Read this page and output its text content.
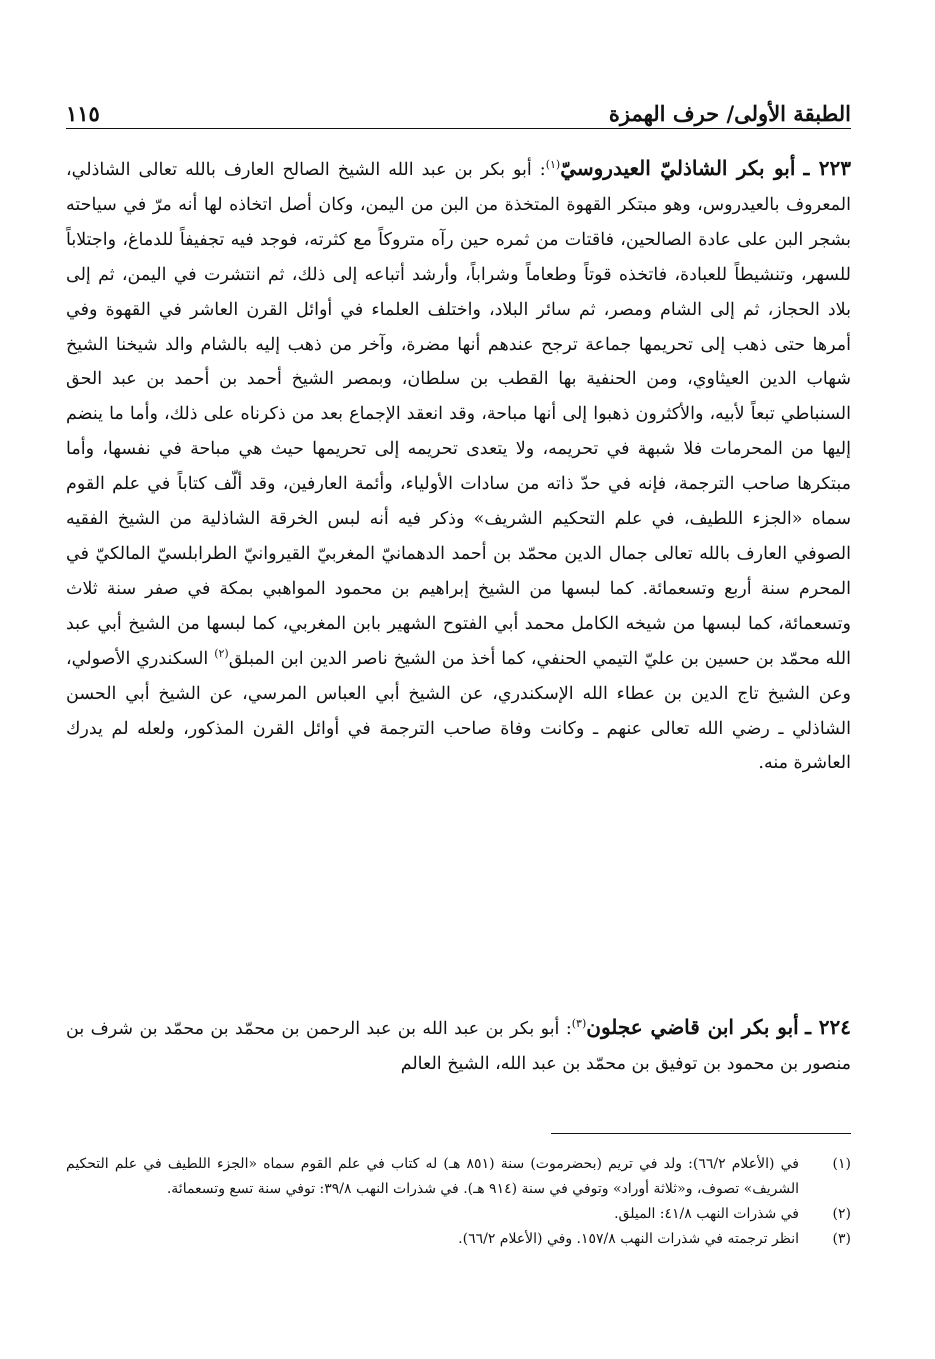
الطبقة الأولى/ حرف الهمزة
١١٥
٢٢٣ ـ أبو بكر الشاذليّ العيدروسيّ$^{(١)}$: أبو بكر بن عبد الله الشيخ الصالح العارف بالله تعالى الشاذلي، المعروف بالعيدروس، وهو مبتكر القهوة المتخذة من البن من اليمن، وكان أصل اتخاذه لها أنه مرّ في سياحته بشجر البن على عادة الصالحين، فاقتات من ثمره حين رآه متروكاً مع كثرته، فوجد فيه تجفيفاً للدماغ، واجتلاباً للسهر، وتنشيطاً للعبادة، فاتخذه قوتاً وطعاماً وشراباً، وأرشد أتباعه إلى ذلك، ثم انتشرت في اليمن، ثم إلى بلاد الحجاز، ثم إلى الشام ومصر، ثم سائر البلاد، واختلف العلماء في أوائل القرن العاشر في القهوة وفي أمرها حتى ذهب إلى تحريمها جماعة ترجح عندهم أنها مضرة، وآخر من ذهب إليه بالشام والد شيخنا الشيخ شهاب الدين العيثاوي، ومن الحنفية بها القطب بن سلطان، وبمصر الشيخ أحمد بن أحمد بن عبد الحق السنباطي تبعاً لأبيه، والأكثرون ذهبوا إلى أنها مباحة، وقد انعقد الإجماع بعد من ذكرناه على ذلك، وأما ما ينضم إليها من المحرمات فلا شبهة في تحريمه، ولا يتعدى تحريمه إلى تحريمها حيث هي مباحة في نفسها، وأما مبتكرها صاحب الترجمة، فإنه في حدّ ذاته من سادات الأولياء، وأئمة العارفين، وقد ألّف كتاباً في علم القوم سماه «الجزء اللطيف، في علم التحكيم الشريف» وذكر فيه أنه لبس الخرقة الشاذلية من الشيخ الفقيه الصوفي العارف بالله تعالى جمال الدين محمّد بن أحمد الدهمانيّ المغربيّ القيروانيّ الطرابلسيّ المالكيّ في المحرم سنة أربع وتسعمائة. كما لبسها من الشيخ إبراهيم بن محمود المواهبي بمكة في صفر سنة ثلاث وتسعمائة، كما لبسها من شيخه الكامل محمد أبي الفتوح الشهير بابن المغربي، كما لبسها من الشيخ أبي عبد الله محمّد بن حسين بن عليّ التيمي الحنفي، كما أخذ من الشيخ ناصر الدين ابن المبلق$^{(٢)}$ السكندري الأصولي، وعن الشيخ تاج الدين بن عطاء الله الإسكندري، عن الشيخ أبي العباس المرسي، عن الشيخ أبي الحسن الشاذلي ـ رضي الله تعالى عنهم ـ وكانت وفاة صاحب الترجمة في أوائل القرن المذكور، ولعله لم يدرك العاشرة منه.
٢٢٤ ـ أبو بكر ابن قاضي عجلون$^{(٣)}$: أبو بكر بن عبد الله بن عبد الرحمن بن محمّد بن محمّد بن شرف بن منصور بن محمود بن توفيق بن محمّد بن عبد الله، الشيخ العالم
(١)
في (الأعلام ٦٦/٢): ولد في تريم (بحضرموت) سنة (٨٥١ هـ) له كتاب في علم القوم سماه «الجزء اللطيف في علم التحكيم الشريف» تصوف، و«ثلاثة أوراد» وتوفي في سنة (٩١٤ هـ). في شذرات النهب ٣٩/٨: توفي سنة تسع وتسعمائة.
(٢)
في شذرات النهب ٤١/٨: الميلق.
(٣)
انظر ترجمته في شذرات النهب ١٥٧/٨. وفي (الأعلام ٦٦/٢).
